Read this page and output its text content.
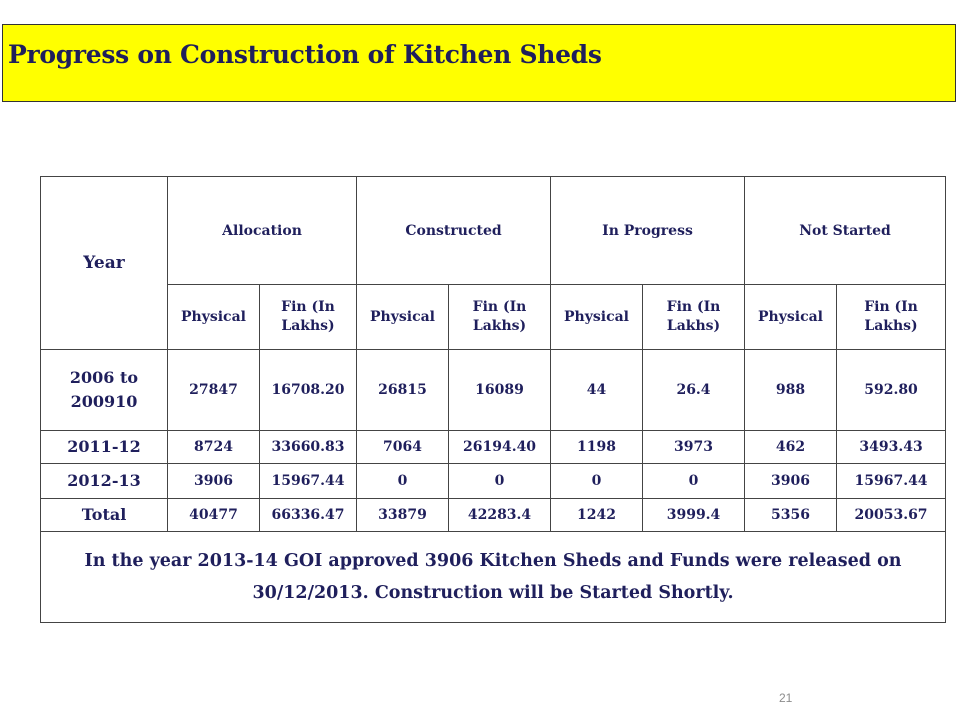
Progress on Construction of Kitchen Sheds
Year	Allocation		Constructed		In Progress		Not Started	
	Physical	Fin (In Lakhs)	Physical	Fin (In Lakhs)	Physical	Fin (In Lakhs)	Physical	Fin (In Lakhs)
2006 to 200910	27847	16708.20	26815	16089	44	26.4	988	592.80
2011-12	8724	33660.83	7064	26194.40	1198	3973	462	3493.43
2012-13	3906	15967.44	0	0	0	0	3906	15967.44
Total	40477	66336.47	33879	42283.4	1242	3999.4	5356	20053.67
In the year 2013-14 GOI approved 3906 Kitchen Sheds and Funds were released on 30/12/2013. Construction will be Started Shortly.								
21
